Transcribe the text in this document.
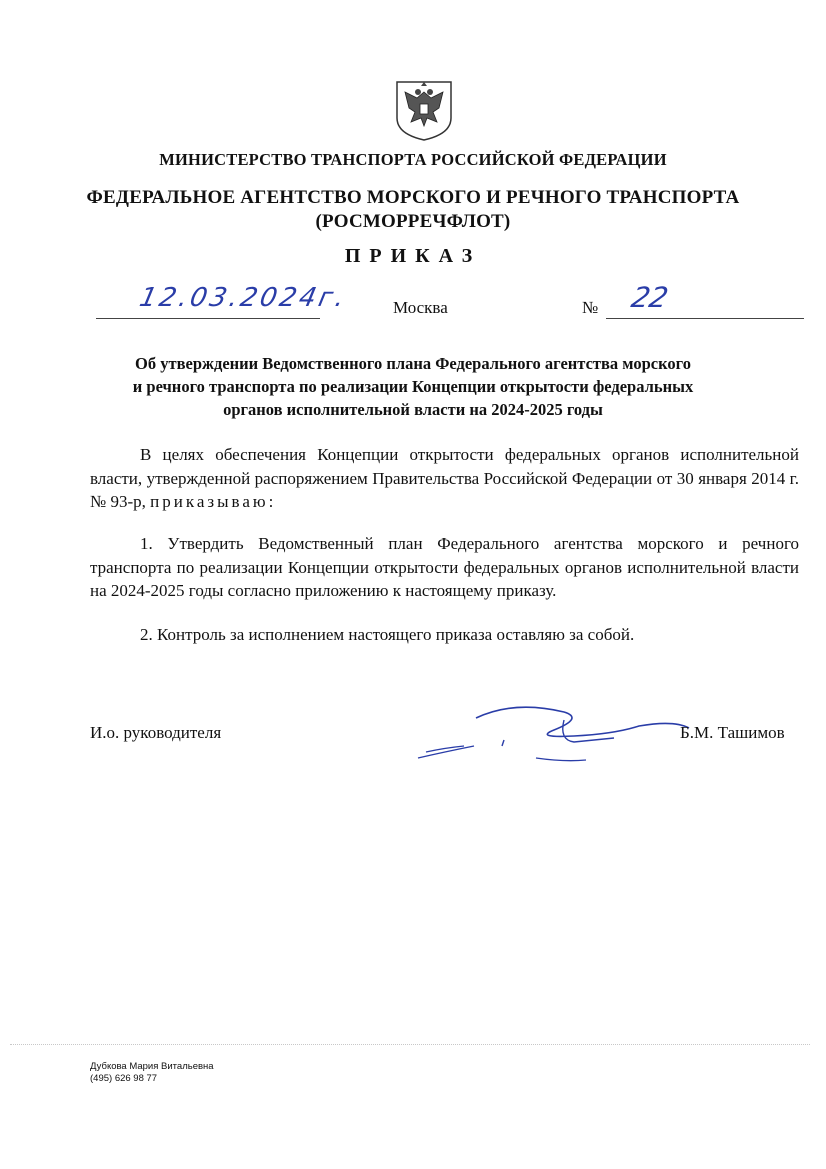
МИНИСТЕРСТВО ТРАНСПОРТА РОССИЙСКОЙ ФЕДЕРАЦИИ
ФЕДЕРАЛЬНОЕ АГЕНТСТВО МОРСКОГО И РЕЧНОГО ТРАНСПОРТА
(РОСМОРРЕЧФЛОТ)
ПРИКАЗ
12.03.2024г.	Москва	№ 22
Об утверждении Ведомственного плана Федерального агентства морского
и речного транспорта по реализации Концепции открытости федеральных
органов исполнительной власти на 2024-2025 годы
В целях обеспечения Концепции открытости федеральных органов исполнительной власти, утвержденной распоряжением Правительства Российской Федерации от 30 января 2014 г. № 93-р, приказываю:
1. Утвердить Ведомственный план Федерального агентства морского и речного транспорта по реализации Концепции открытости федеральных органов исполнительной власти на 2024-2025 годы согласно приложению к настоящему приказу.
2. Контроль за исполнением настоящего приказа оставляю за собой.
И.о. руководителя	Б.М. Ташимов
Дубкова Мария Витальевна
(495) 626 98 77
